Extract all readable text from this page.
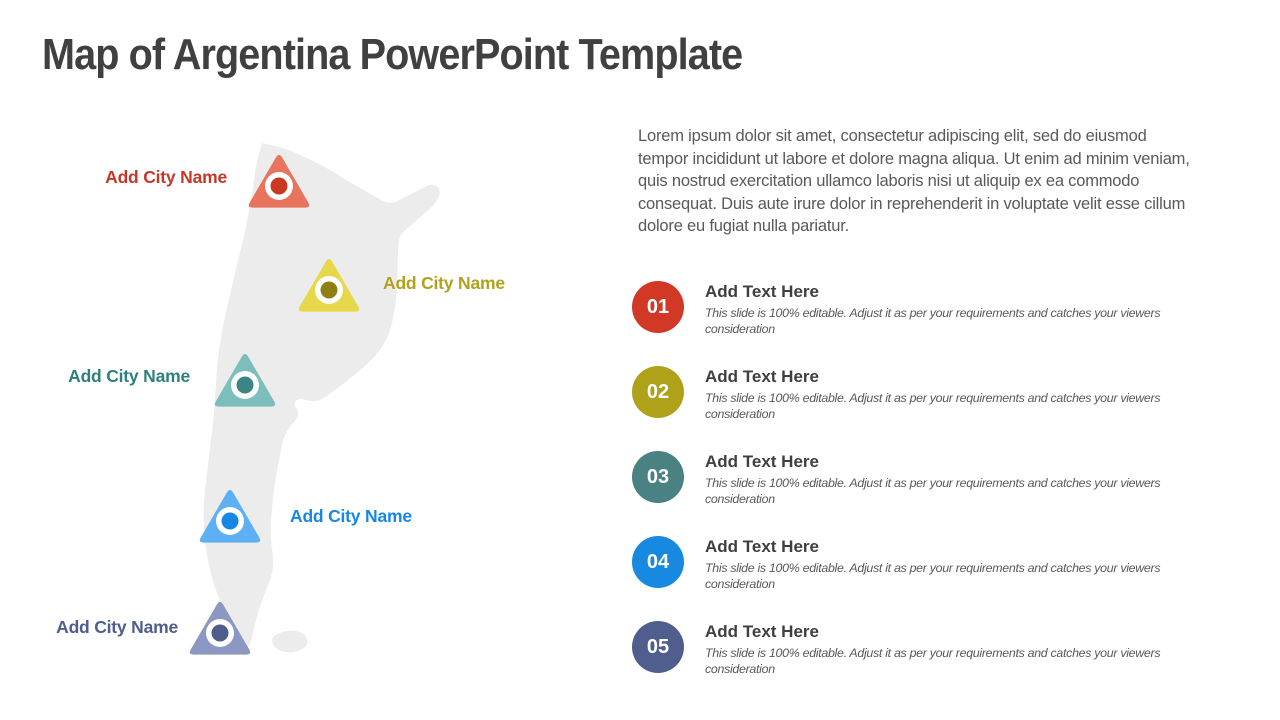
Map of Argentina PowerPoint Template

Lorem ipsum dolor sit amet, consectetur adipiscing elit, sed do eiusmod tempor incididunt ut labore et dolore magna aliqua. Ut enim ad minim veniam, quis nostrud exercitation ullamco laboris nisi ut aliquip ex ea commodo consequat. Duis aute irure dolor in reprehenderit in voluptate velit esse cillum dolore eu fugiat nulla pariatur.

Add City Name
Add City Name
Add City Name
Add City Name
Add City Name
01
Add Text Here
This slide is 100% editable. Adjust it as per your requirements and catches your viewers consideration
02
Add Text Here
This slide is 100% editable. Adjust it as per your requirements and catches your viewers consideration
03
Add Text Here
This slide is 100% editable. Adjust it as per your requirements and catches your viewers consideration
04
Add Text Here
This slide is 100% editable. Adjust it as per your requirements and catches your viewers consideration
05
Add Text Here
This slide is 100% editable. Adjust it as per your requirements and catches your viewers consideration
